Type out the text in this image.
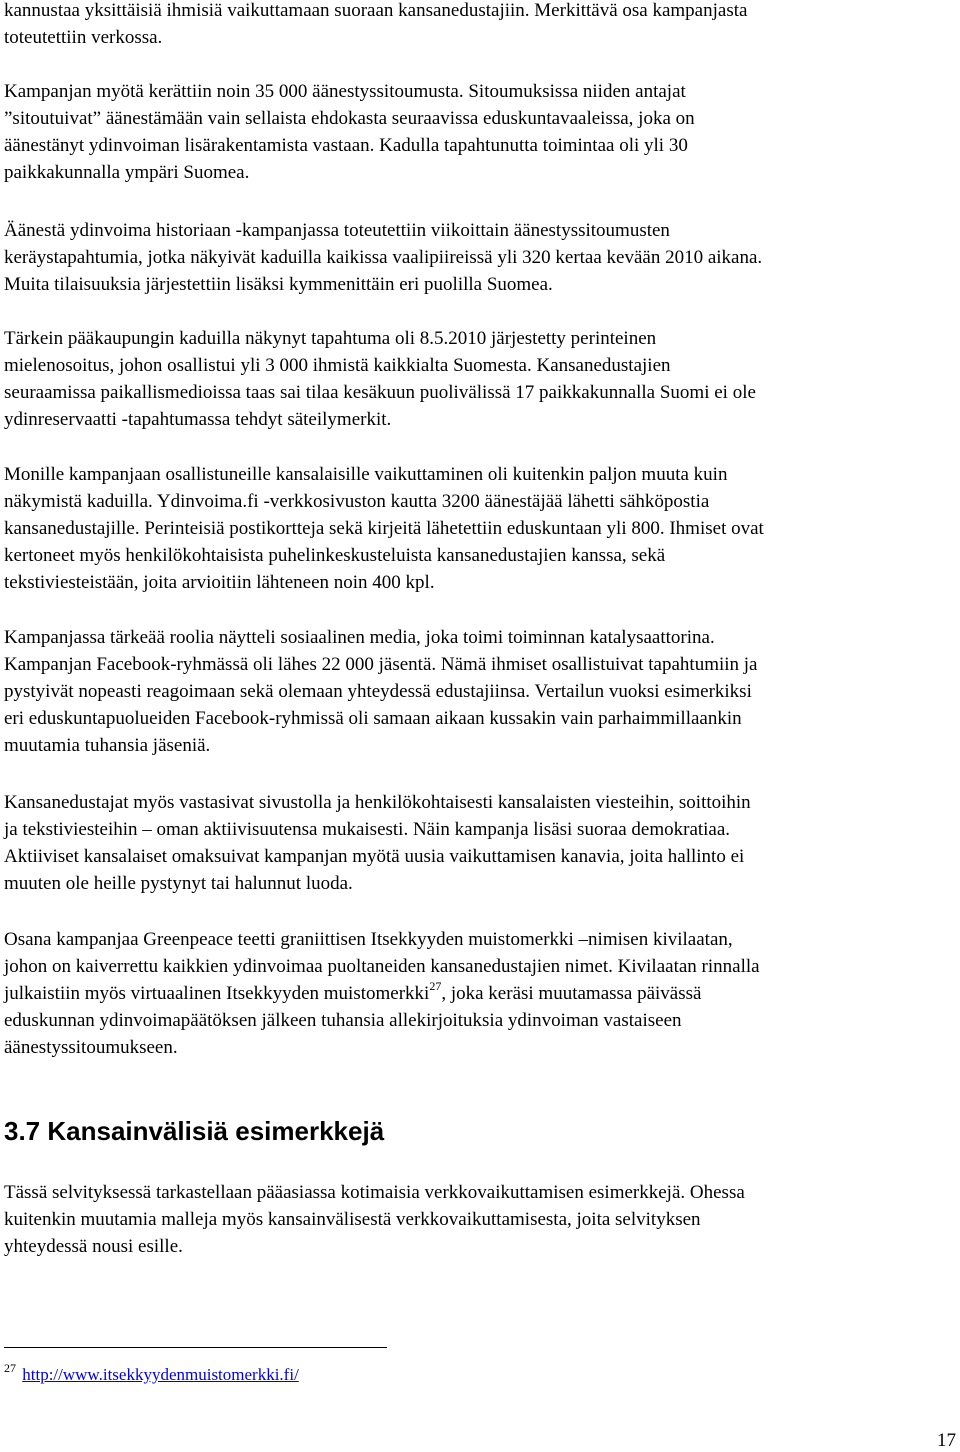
kannustaa yksittäisiä ihmisiä vaikuttamaan suoraan kansanedustajiin. Merkittävä osa kampanjasta
toteutettiin verkossa.

Kampanjan myötä kerättiin noin 35 000 äänestyssitoumusta. Sitoumuksissa niiden antajat
”sitoutuivat” äänestämään vain sellaista ehdokasta seuraavissa eduskuntavaaleissa, joka on
äänestänyt ydinvoiman lisärakentamista vastaan. Kadulla tapahtunutta toimintaa oli yli 30
paikkakunnalla ympäri Suomea.

Äänestä ydinvoima historiaan -kampanjassa toteutettiin viikoittain äänestyssitoumusten
keräystapahtumia, jotka näkyivät kaduilla kaikissa vaalipiireissä yli 320 kertaa kevään 2010 aikana.
Muita tilaisuuksia järjestettiin lisäksi kymmenittäin eri puolilla Suomea.

Tärkein pääkaupungin kaduilla näkynyt tapahtuma oli 8.5.2010 järjestetty perinteinen
mielenosoitus, johon osallistui yli 3 000 ihmistä kaikkialta Suomesta. Kansanedustajien
seuraamissa paikallismedioissa taas sai tilaa kesäkuun puolivälissä 17 paikkakunnalla Suomi ei ole
ydinreservaatti -tapahtumassa tehdyt säteilymerkit.

Monille kampanjaan osallistuneille kansalaisille vaikuttaminen oli kuitenkin paljon muuta kuin
näkymistä kaduilla. Ydinvoima.fi -verkkosivuston kautta 3200 äänestäjää lähetti sähköpostia
kansanedustajille. Perinteisiä postikortteja sekä kirjeitä lähetettiin eduskuntaan yli 800. Ihmiset ovat
kertoneet myös henkilökohtaisista puhelinkeskusteluista kansanedustajien kanssa, sekä
tekstiviesteistään, joita arvioitiin lähteneen noin 400 kpl.

Kampanjassa tärkeää roolia näytteli sosiaalinen media, joka toimi toiminnan katalysaattorina.
Kampanjan Facebook-ryhmässä oli lähes 22 000 jäsentä. Nämä ihmiset osallistuivat tapahtumiin ja
pystyivät nopeasti reagoimaan sekä olemaan yhteydessä edustajiinsa. Vertailun vuoksi esimerkiksi
eri eduskuntapuolueiden Facebook-ryhmissä oli samaan aikaan kussakin vain parhaimmillaankin
muutamia tuhansia jäseniä.

Kansanedustajat myös vastasivat sivustolla ja henkilökohtaisesti kansalaisten viesteihin, soittoihin
ja tekstiviesteihin – oman aktiivisuutensa mukaisesti. Näin kampanja lisäsi suoraa demokratiaa.
Aktiiviset kansalaiset omaksuivat kampanjan myötä uusia vaikuttamisen kanavia, joita hallinto ei
muuten ole heille pystynyt tai halunnut luoda.

Osana kampanjaa Greenpeace teetti graniittisen Itsekkyyden muistomerkki –nimisen kivilaatan,
johon on kaiverrettu kaikkien ydinvoimaa puoltaneiden kansanedustajien nimet. Kivilaatan rinnalla
julkaistiin myös virtuaalinen Itsekkyyden muistomerkki$^{27}$, joka keräsi muutamassa päivässä
eduskunnan ydinvoimapäätöksen jälkeen tuhansia allekirjoituksia ydinvoiman vastaiseen
äänestyssitoumukseen.

3.7 Kansainvälisiä esimerkkejä

Tässä selvityksessä tarkastellaan pääasiassa kotimaisia verkkovaikuttamisen esimerkkejä. Ohessa
kuitenkin muutamia malleja myös kansainvälisestä verkkovaikuttamisesta, joita selvityksen
yhteydessä nousi esille.

$^{27}$ http://www.itsekkyydenmuistomerkki.fi/
17
